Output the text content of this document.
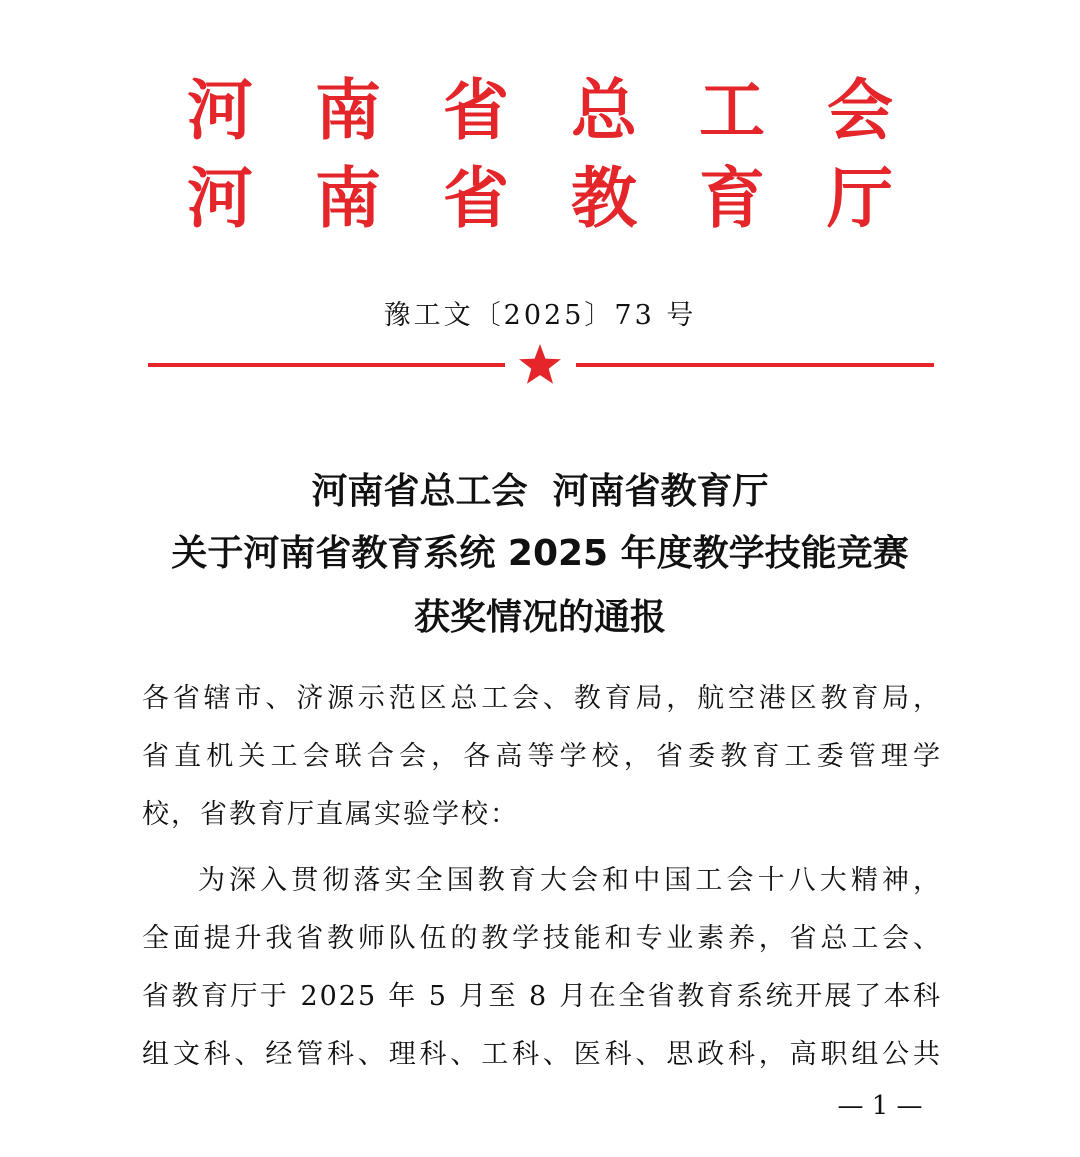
河 南 省 总 工 会
河 南 省 教 育 厅
豫工文〔2025〕73 号
河南省总工会  河南省教育厅
关于河南省教育系统 2025 年度教学技能竞赛
获奖情况的通报
各省辖市、济源示范区总工会、教育局，航空港区教育局，
省直机关工会联合会，各高等学校，省委教育工委管理学
校，省教育厅直属实验学校：
为深入贯彻落实全国教育大会和中国工会十八大精神，
全面提升我省教师队伍的教学技能和专业素养，省总工会、
省教育厅于 2025 年 5 月至 8 月在全省教育系统开展了本科
组文科、经管科、理科、工科、医科、思政科，高职组公共
— 1 —
